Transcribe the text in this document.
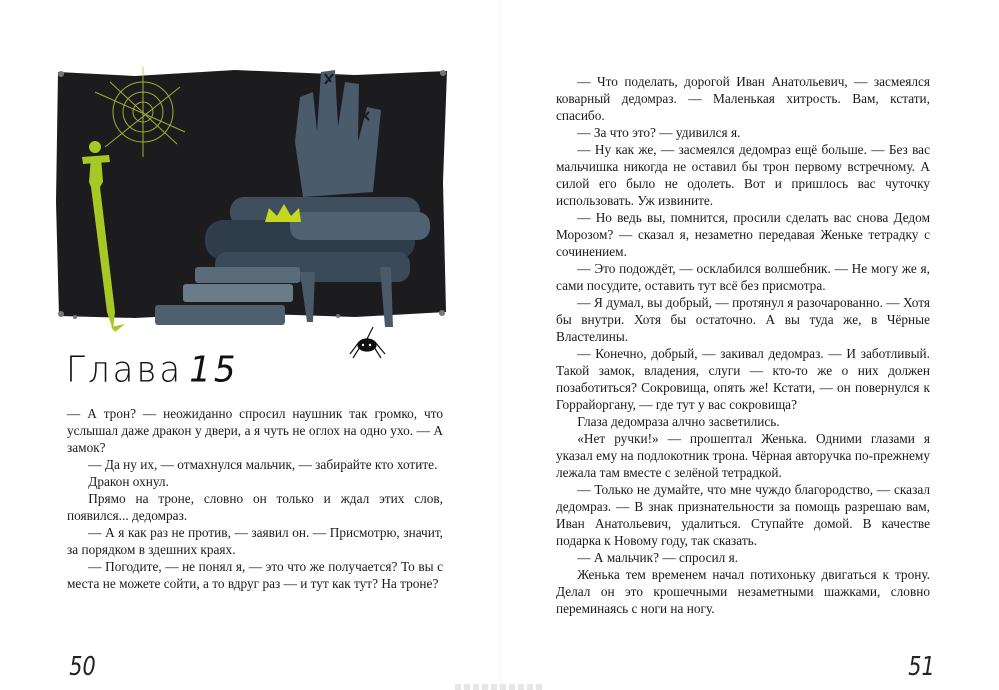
Глава 15

— А трон? — неожиданно спросил наушник так громко, что услышал даже дракон у двери, а я чуть не оглох на одно ухо. — А замок?

— Да ну их, — отмахнулся мальчик, — забирайте кто хотите.

Дракон охнул.

Прямо на троне, словно он только и ждал этих слов, появился... дедомраз.

— А я как раз не против, — заявил он. — Присмотрю, значит, за порядком в здешних краях.

— Погодите, — не понял я, — это что же получается? То вы с места не можете сойти, а то вдруг раз — и тут как тут? На троне?

— Что поделать, дорогой Иван Анатольевич, — засмеялся коварный дедомраз. — Маленькая хитрость. Вам, кстати, спасибо.

— За что это? — удивился я.

— Ну как же, — засмеялся дедомраз ещё больше. — Без вас мальчишка никогда не оставил бы трон первому встречному. А силой его было не одолеть. Вот и пришлось вас чуточку использовать. Уж извините.

— Но ведь вы, помнится, просили сделать вас снова Дедом Морозом? — сказал я, незаметно передавая Женьке тетрадку с сочинением.

— Это подождёт, — осклабился волшебник. — Не могу же я, сами посудите, оставить тут всё без присмотра.

— Я думал, вы добрый, — протянул я разочарованно. — Хотя бы внутри. Хотя бы остаточно. А вы туда же, в Чёрные Властелины.

— Конечно, добрый, — закивал дедомраз. — И заботливый. Такой замок, владения, слуги — кто-то же о них должен позаботиться? Сокровища, опять же! Кстати, — он повернулся к Горрайоргану, — где тут у вас сокровища?

Глаза дедомраза алчно засветились.

«Нет ручки!» — прошептал Женька. Одними глазами я указал ему на подлокотник трона. Чёрная авторучка по-прежнему лежала там вместе с зелёной тетрадкой.

— Только не думайте, что мне чуждо благородство, — сказал дедомраз. — В знак признательности за помощь разрешаю вам, Иван Анатольевич, удалиться. Ступайте домой. В качестве подарка к Новому году, так сказать.

— А мальчик? — спросил я.

Женька тем временем начал потихоньку двигаться к трону. Делал он это крошечными незаметными шажками, словно переминаясь с ноги на ногу.

50	51
